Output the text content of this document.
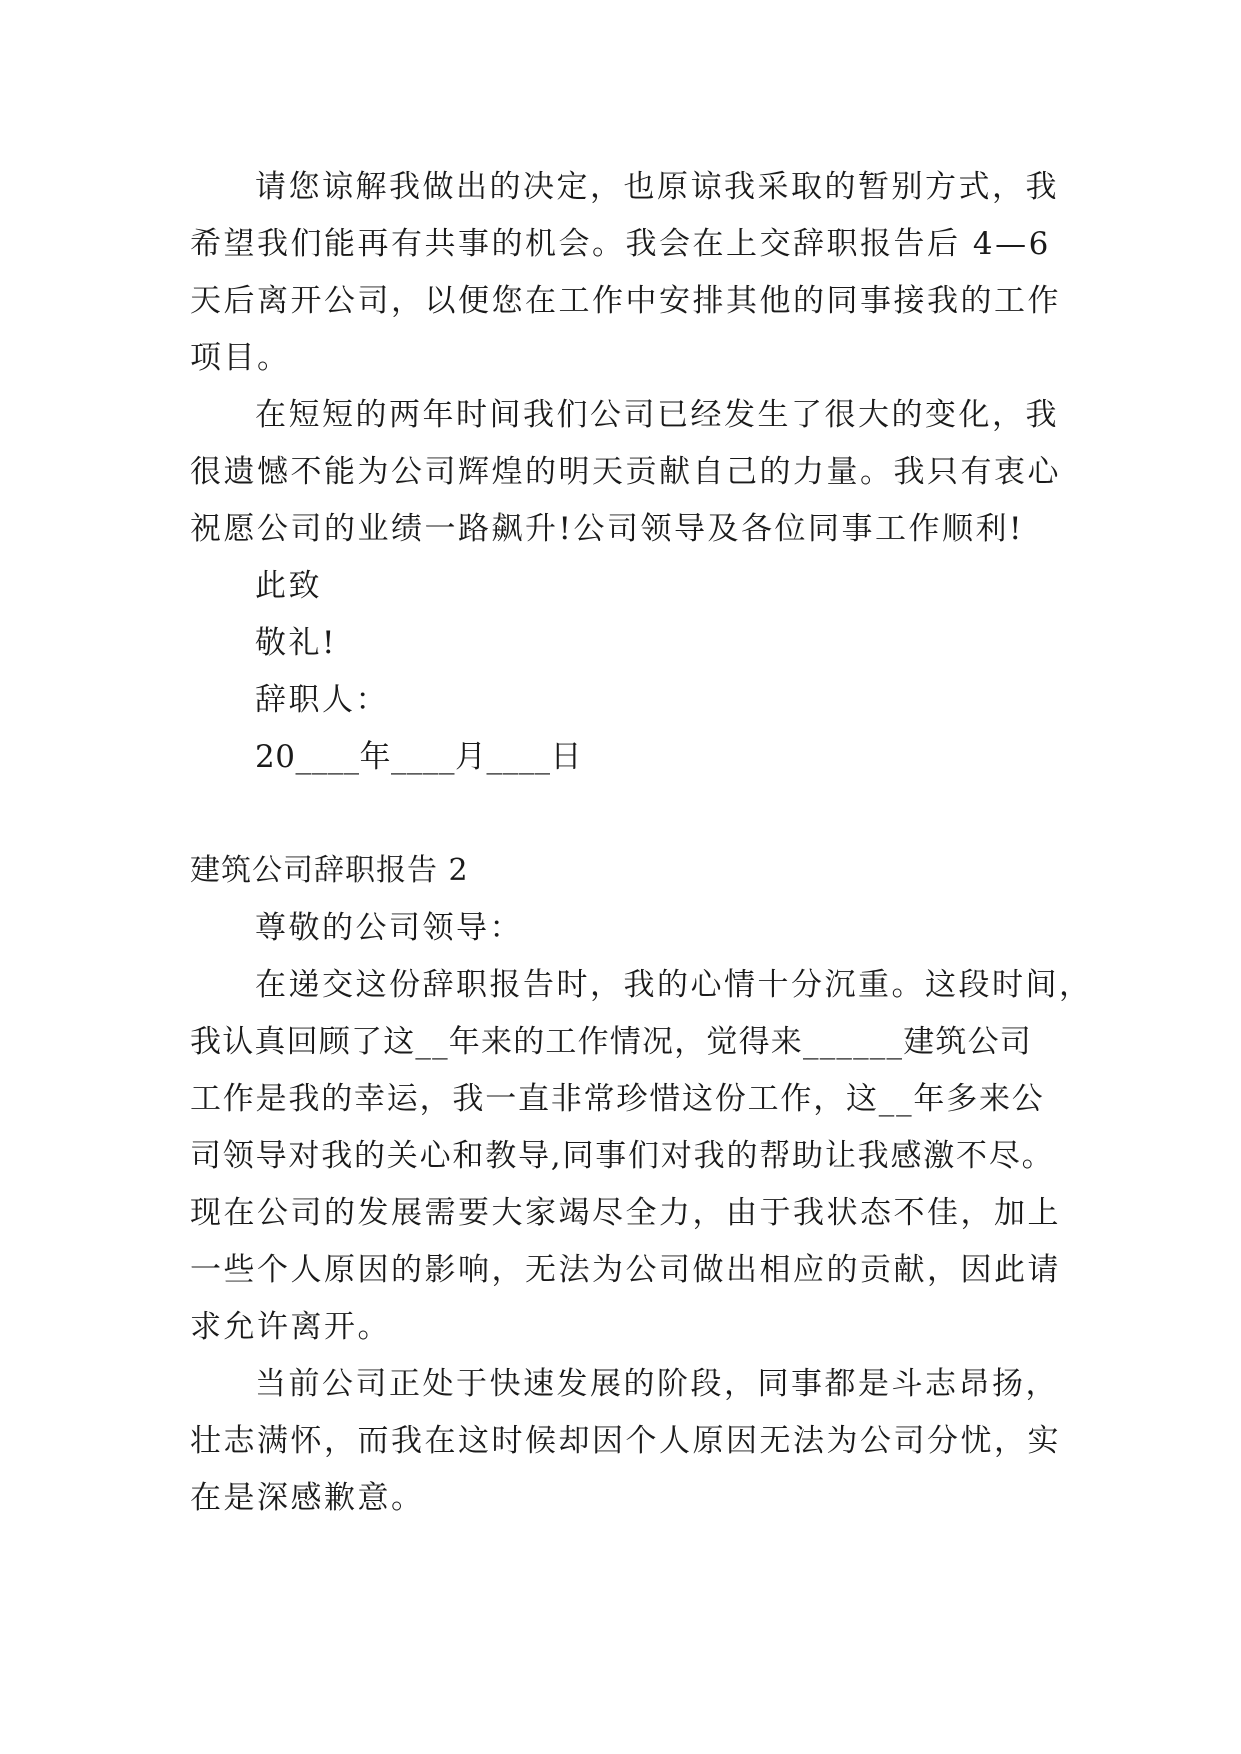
请您谅解我做出的决定，也原谅我采取的暂别方式，我
希望我们能再有共事的机会。我会在上交辞职报告后 4—6
天后离开公司，以便您在工作中安排其他的同事接我的工作
项目。
在短短的两年时间我们公司已经发生了很大的变化，我
很遗憾不能为公司辉煌的明天贡献自己的力量。我只有衷心
祝愿公司的业绩一路飙升!公司领导及各位同事工作顺利!
此致
敬礼!
辞职人：
20____年____月____日
建筑公司辞职报告 2
尊敬的公司领导：
在递交这份辞职报告时，我的心情十分沉重。这段时间，
我认真回顾了这__年来的工作情况，觉得来______建筑公司
工作是我的幸运，我一直非常珍惜这份工作，这__年多来公
司领导对我的关心和教导,同事们对我的帮助让我感激不尽。
现在公司的发展需要大家竭尽全力，由于我状态不佳，加上
一些个人原因的影响，无法为公司做出相应的贡献，因此请
求允许离开。
当前公司正处于快速发展的阶段，同事都是斗志昂扬，
壮志满怀，而我在这时候却因个人原因无法为公司分忧，实
在是深感歉意。
